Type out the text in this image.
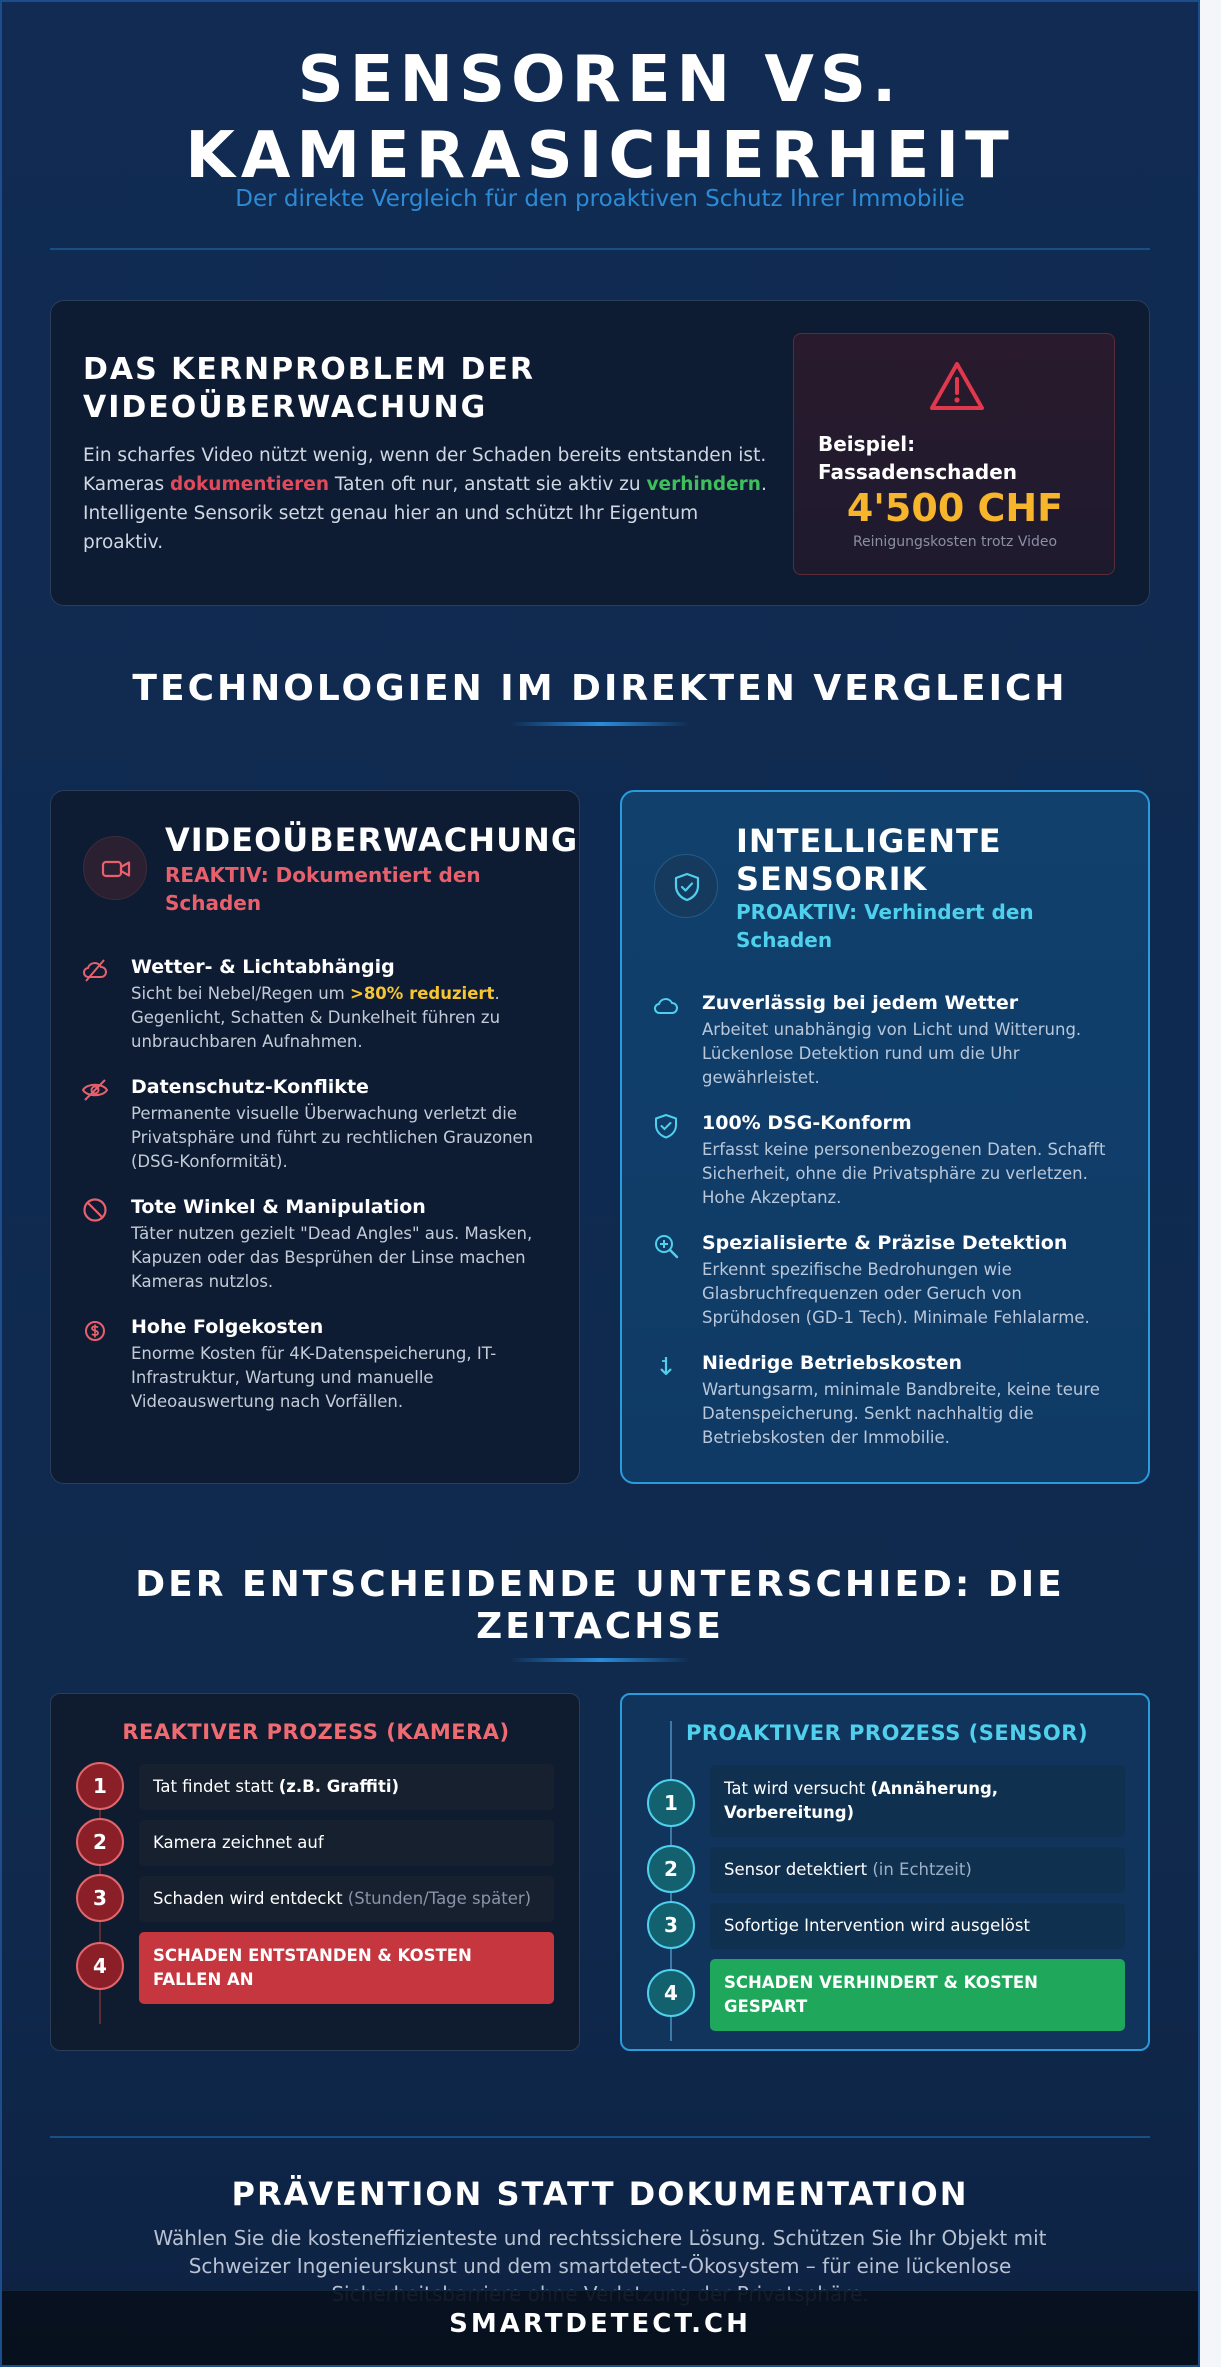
SENSOREN VS.
KAMERASICHERHEIT
Der direkte Vergleich für den proaktiven Schutz Ihrer Immobilie
DAS KERNPROBLEM DER VIDEOÜBERWACHUNG

Ein scharfes Video nützt wenig, wenn der Schaden bereits entstanden ist. Kameras dokumentieren Taten oft nur, anstatt sie aktiv zu verhindern. Intelligente Sensorik setzt genau hier an und schützt Ihr Eigentum proaktiv.

Beispiel: Fassadenschaden
4'500 CHF
Reinigungskosten trotz Video
TECHNOLOGIEN IM DIREKTEN VERGLEICH
VIDEOÜBERWACHUNG
REAKTIV: Dokumentiert den Schaden
Wetter- & Lichtabhängig
Sicht bei Nebel/Regen um >80% reduziert. Gegenlicht, Schatten & Dunkelheit führen zu unbrauchbaren Aufnahmen.
Datenschutz-Konflikte
Permanente visuelle Überwachung verletzt die Privatsphäre und führt zu rechtlichen Grauzonen (DSG-Konformität).
Tote Winkel & Manipulation
Täter nutzen gezielt "Dead Angles" aus. Masken, Kapuzen oder das Besprühen der Linse machen Kameras nutzlos.
Hohe Folgekosten
Enorme Kosten für 4K-Datenspeicherung, IT-Infrastruktur, Wartung und manuelle Videoauswertung nach Vorfällen.
INTELLIGENTE SENSORIK
PROAKTIV: Verhindert den Schaden
Zuverlässig bei jedem Wetter
Arbeitet unabhängig von Licht und Witterung. Lückenlose Detektion rund um die Uhr gewährleistet.
100% DSG-Konform
Erfasst keine personenbezogenen Daten. Schafft Sicherheit, ohne die Privatsphäre zu verletzen. Hohe Akzeptanz.
Spezialisierte & Präzise Detektion
Erkennt spezifische Bedrohungen wie Glasbruchfrequenzen oder Geruch von Sprühdosen (GD-1 Tech). Minimale Fehlalarme.
Niedrige Betriebskosten
Wartungsarm, minimale Bandbreite, keine teure Datenspeicherung. Senkt nachhaltig die Betriebskosten der Immobilie.
DER ENTSCHEIDENDE UNTERSCHIED: DIE
ZEITACHSE
REAKTIVER PROZESS (KAMERA)
1	Tat findet statt (z.B. Graffiti)
2	Kamera zeichnet auf
3	Schaden wird entdeckt (Stunden/Tage später)
4	SCHADEN ENTSTANDEN & KOSTEN FALLEN AN
PROAKTIVER PROZESS (SENSOR)
1
Tat wird versucht (Annäherung, Vorbereitung)
2	Sensor detektiert (in Echtzeit)
3	Sofortige Intervention wird ausgelöst
4	SCHADEN VERHINDERT & KOSTEN GESPART
PRÄVENTION STATT DOKUMENTATION
Wählen Sie die kosteneffizienteste und rechtssichere Lösung. Schützen Sie Ihr Objekt mit Schweizer Ingenieurskunst und dem smartdetect-Ökosystem – für eine lückenlose
SMARTDETECT.CH
